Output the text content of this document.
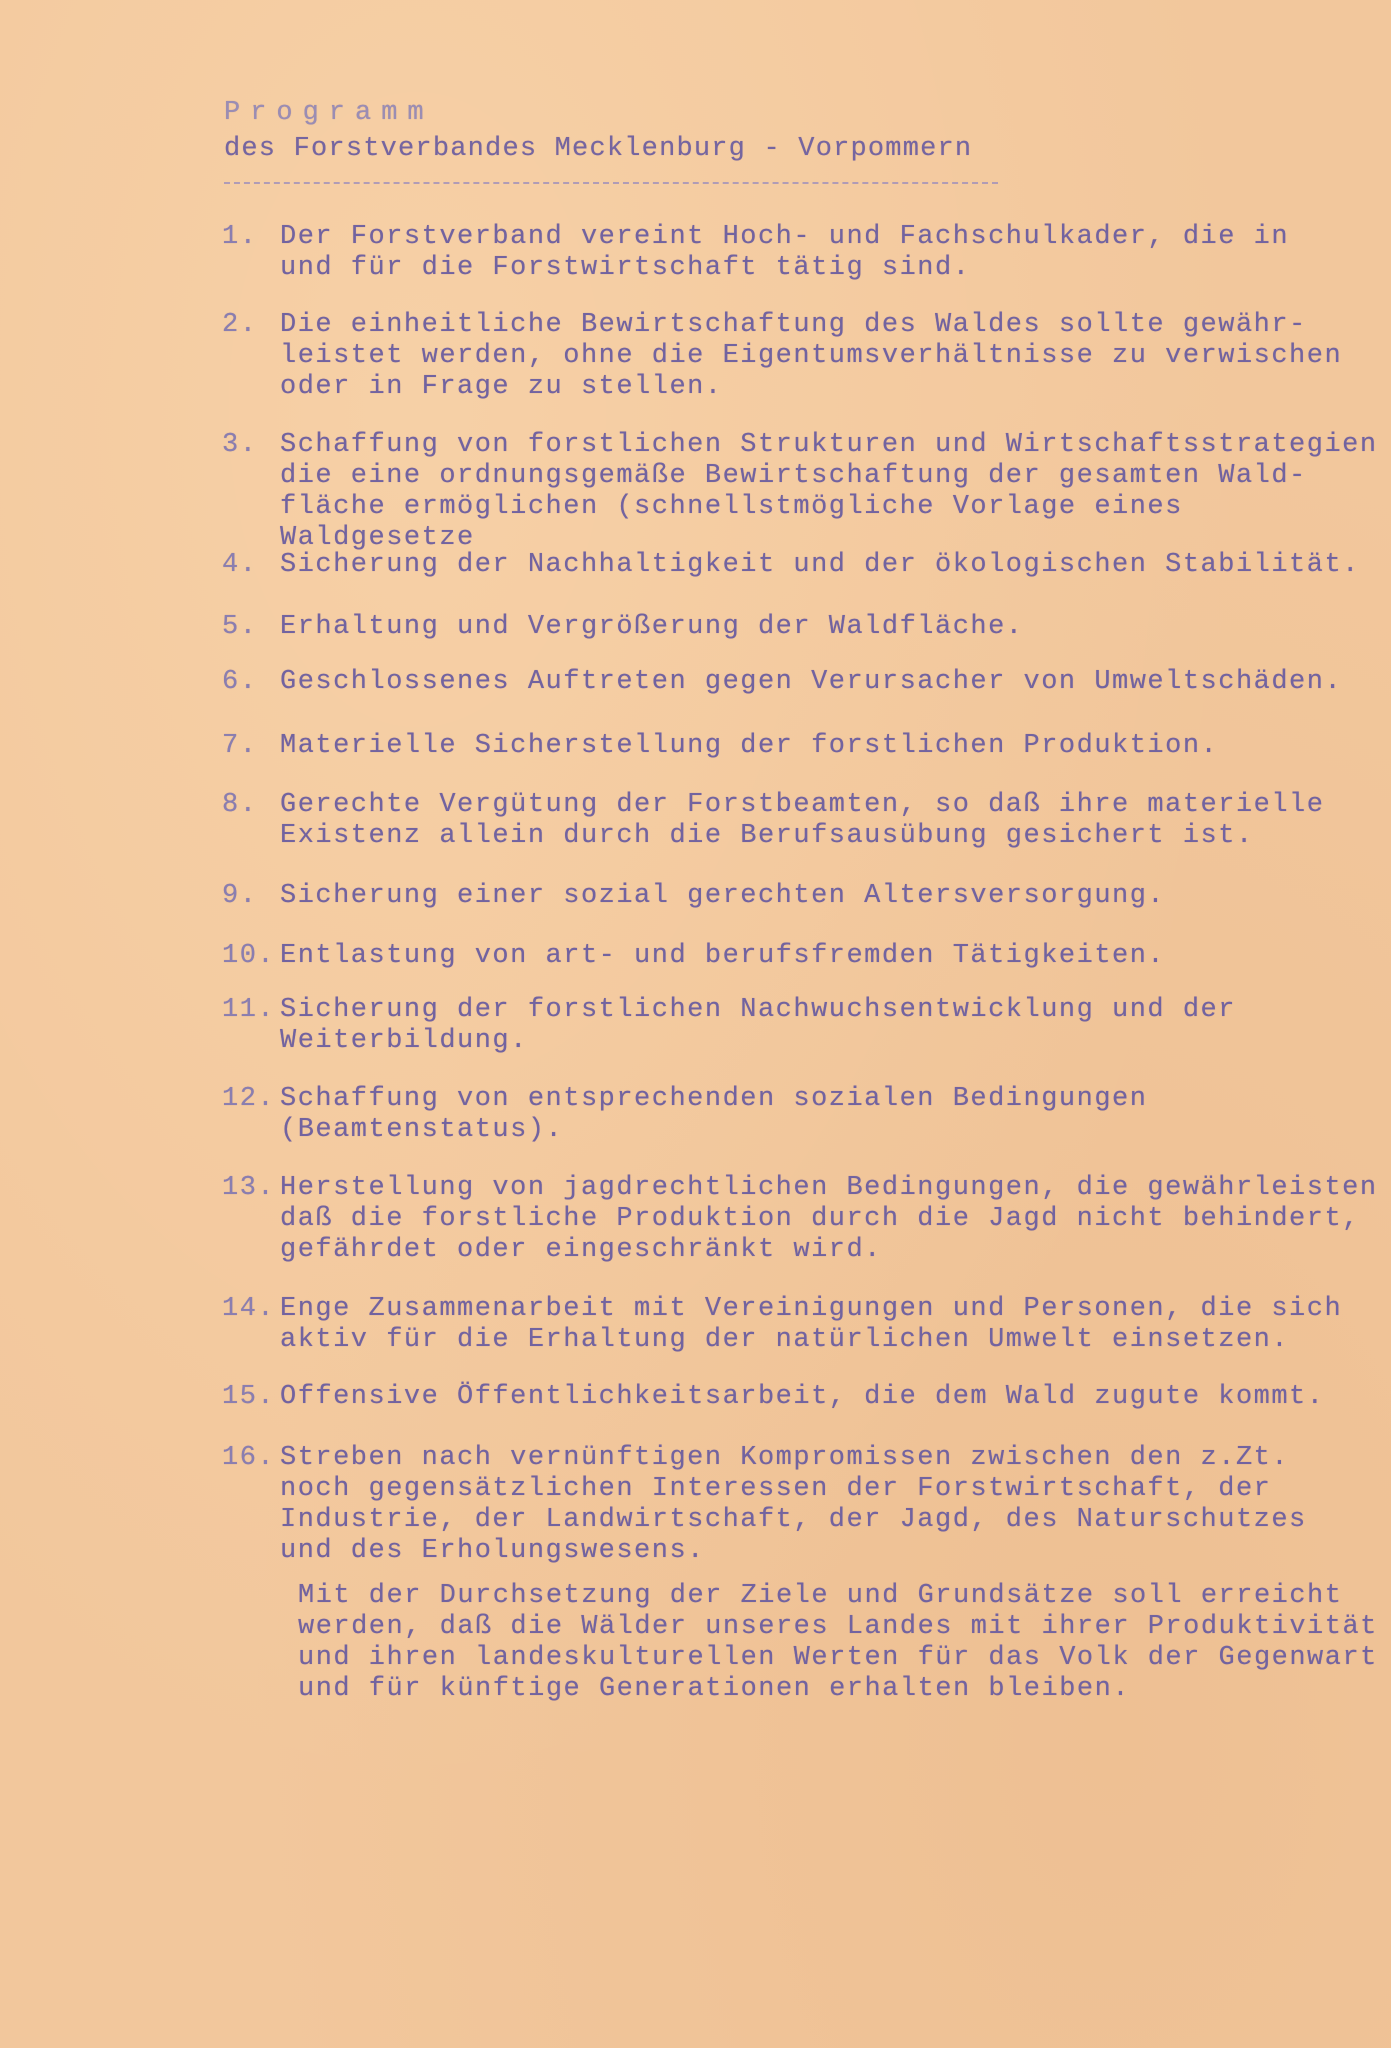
Programm
des Forstverbandes Mecklenburg - Vorpommern
1. Der Forstverband vereint Hoch- und Fachschulkader, die in
und für die Forstwirtschaft tätig sind.
2. Die einheitliche Bewirtschaftung des Waldes sollte gewähr-
leistet werden, ohne die Eigentumsverhältnisse zu verwischen
oder in Frage zu stellen.
3. Schaffung von forstlichen Strukturen und Wirtschaftsstrategien
die eine ordnungsgemäße Bewirtschaftung der gesamten Wald-
fläche ermöglichen (schnellstmögliche Vorlage eines Waldgesetze
4. Sicherung der Nachhaltigkeit und der ökologischen Stabilität.
5. Erhaltung und Vergrößerung der Waldfläche.
6. Geschlossenes Auftreten gegen Verursacher von Umweltschäden.
7. Materielle Sicherstellung der forstlichen Produktion.
8. Gerechte Vergütung der Forstbeamten, so daß ihre materielle
Existenz allein durch die Berufsausübung gesichert ist.
9. Sicherung einer sozial gerechten Altersversorgung.
10. Entlastung von art- und berufsfremden Tätigkeiten.
11. Sicherung der forstlichen Nachwuchsentwicklung und der
Weiterbildung.
12. Schaffung von entsprechenden sozialen Bedingungen
(Beamtenstatus).
13. Herstellung von jagdrechtlichen Bedingungen, die gewährleisten
daß die forstliche Produktion durch die Jagd nicht behindert,
gefährdet oder eingeschränkt wird.
14. Enge Zusammenarbeit mit Vereinigungen und Personen, die sich
aktiv für die Erhaltung der natürlichen Umwelt einsetzen.
15. Offensive Öffentlichkeitsarbeit, die dem Wald zugute kommt.
16. Streben nach vernünftigen Kompromissen zwischen den z.Zt.
noch gegensätzlichen Interessen der Forstwirtschaft, der
Industrie, der Landwirtschaft, der Jagd, des Naturschutzes
und des Erholungswesens.
Mit der Durchsetzung der Ziele und Grundsätze soll erreicht
werden, daß die Wälder unseres Landes mit ihrer Produktivität
und ihren landeskulturellen Werten für das Volk der Gegenwart
und für künftige Generationen erhalten bleiben.
